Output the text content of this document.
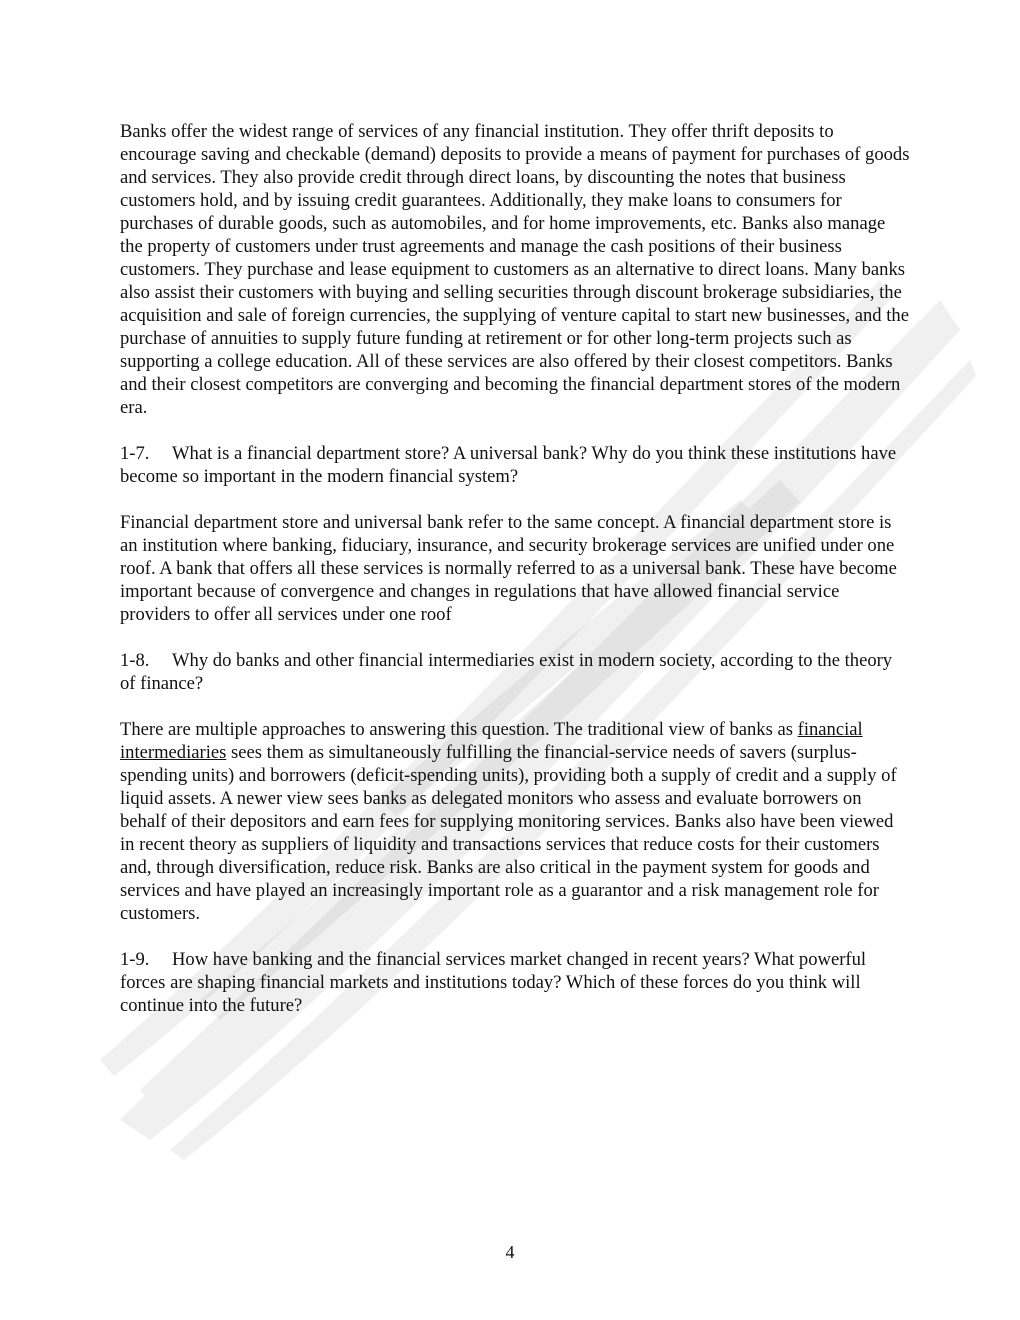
Banks offer the widest range of services of any financial institution. They offer thrift deposits to encourage saving and checkable (demand) deposits to provide a means of payment for purchases of goods and services. They also provide credit through direct loans, by discounting the notes that business customers hold, and by issuing credit guarantees. Additionally, they make loans to consumers for purchases of durable goods, such as automobiles, and for home improvements, etc. Banks also manage the property of customers under trust agreements and manage the cash positions of their business customers. They purchase and lease equipment to customers as an alternative to direct loans. Many banks also assist their customers with buying and selling securities through discount brokerage subsidiaries, the acquisition and sale of foreign currencies, the supplying of venture capital to start new businesses, and the purchase of annuities to supply future funding at retirement or for other long-term projects such as supporting a college education. All of these services are also offered by their closest competitors. Banks and their closest competitors are converging and becoming the financial department stores of the modern era.

1-7. What is a financial department store? A universal bank? Why do you think these institutions have become so important in the modern financial system?

Financial department store and universal bank refer to the same concept. A financial department store is an institution where banking, fiduciary, insurance, and security brokerage services are unified under one roof. A bank that offers all these services is normally referred to as a universal bank. These have become important because of convergence and changes in regulations that have allowed financial service providers to offer all services under one roof

1-8. Why do banks and other financial intermediaries exist in modern society, according to the theory of finance?

There are multiple approaches to answering this question. The traditional view of banks as financial intermediaries sees them as simultaneously fulfilling the financial-service needs of savers (surplus-spending units) and borrowers (deficit-spending units), providing both a supply of credit and a supply of liquid assets. A newer view sees banks as delegated monitors who assess and evaluate borrowers on behalf of their depositors and earn fees for supplying monitoring services. Banks also have been viewed in recent theory as suppliers of liquidity and transactions services that reduce costs for their customers and, through diversification, reduce risk. Banks are also critical in the payment system for goods and services and have played an increasingly important role as a guarantor and a risk management role for customers.

1-9. How have banking and the financial services market changed in recent years? What powerful forces are shaping financial markets and institutions today? Which of these forces do you think will continue into the future?

4
